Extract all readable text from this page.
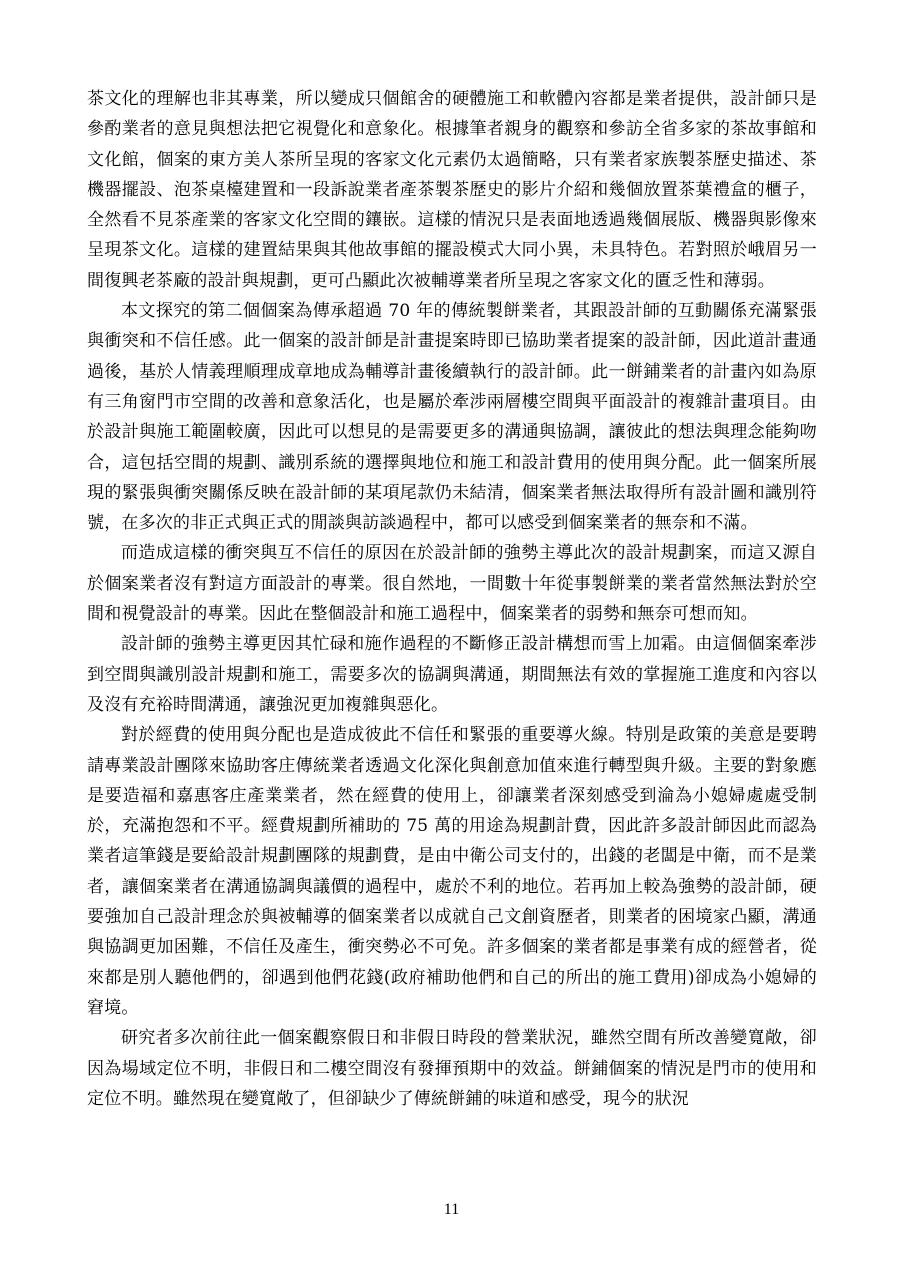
茶文化的理解也非其專業，所以變成只個館舍的硬體施工和軟體內容都是業者提供，設計師只是參酌業者的意見與想法把它視覺化和意象化。根據筆者親身的觀察和參訪全省多家的茶故事館和文化館，個案的東方美人茶所呈現的客家文化元素仍太過簡略，只有業者家族製茶歷史描述、茶機器擺設、泡茶桌檯建置和一段訴說業者產茶製茶歷史的影片介紹和幾個放置茶葉禮盒的櫃子，全然看不見茶產業的客家文化空間的鑲嵌。這樣的情況只是表面地透過幾個展版、機器與影像來呈現茶文化。這樣的建置結果與其他故事館的擺設模式大同小異，未具特色。若對照於峨眉另一間復興老茶廠的設計與規劃，更可凸顯此次被輔導業者所呈現之客家文化的匱乏性和薄弱。

本文探究的第二個個案為傳承超過 70 年的傳統製餅業者，其跟設計師的互動關係充滿緊張與衝突和不信任感。此一個案的設計師是計畫提案時即已協助業者提案的設計師，因此道計畫通過後，基於人情義理順理成章地成為輔導計畫後續執行的設計師。此一餅鋪業者的計畫內如為原有三角窗門市空間的改善和意象活化，也是屬於牽涉兩層樓空間與平面設計的複雜計畫項目。由於設計與施工範圍較廣，因此可以想見的是需要更多的溝通與協調，讓彼此的想法與理念能夠吻合，這包括空間的規劃、識別系統的選擇與地位和施工和設計費用的使用與分配。此一個案所展現的緊張與衝突關係反映在設計師的某項尾款仍未結清，個案業者無法取得所有設計圖和識別符號，在多次的非正式與正式的閒談與訪談過程中，都可以感受到個案業者的無奈和不滿。

而造成這樣的衝突與互不信任的原因在於設計師的強勢主導此次的設計規劃案，而這又源自於個案業者沒有對這方面設計的專業。很自然地，一間數十年從事製餅業的業者當然無法對於空間和視覺設計的專業。因此在整個設計和施工過程中，個案業者的弱勢和無奈可想而知。

設計師的強勢主導更因其忙碌和施作過程的不斷修正設計構想而雪上加霜。由這個個案牽涉到空間與識別設計規劃和施工，需要多次的協調與溝通，期間無法有效的掌握施工進度和內容以及沒有充裕時間溝通，讓強況更加複雜與惡化。

對於經費的使用與分配也是造成彼此不信任和緊張的重要導火線。特別是政策的美意是要聘請專業設計團隊來協助客庄傳統業者透過文化深化與創意加值來進行轉型與升級。主要的對象應是要造福和嘉惠客庄產業業者，然在經費的使用上，卻讓業者深刻感受到淪為小媳婦處處受制於，充滿抱怨和不平。經費規劃所補助的 75 萬的用途為規劃計費，因此許多設計師因此而認為業者這筆錢是要給設計規劃團隊的規劃費，是由中衛公司支付的，出錢的老闆是中衛，而不是業者，讓個案業者在溝通協調與議價的過程中，處於不利的地位。若再加上較為強勢的設計師，硬要強加自己設計理念於與被輔導的個案業者以成就自己文創資歷者，則業者的困境家凸顯，溝通與協調更加困難，不信任及產生，衝突勢必不可免。許多個案的業者都是事業有成的經營者，從來都是別人聽他們的，卻遇到他們花錢(政府補助他們和自己的所出的施工費用)卻成為小媳婦的窘境。

研究者多次前往此一個案觀察假日和非假日時段的營業狀況，雖然空間有所改善變寬敞，卻因為場域定位不明，非假日和二樓空間沒有發揮預期中的效益。餅鋪個案的情況是門市的使用和定位不明。雖然現在變寬敞了，但卻缺少了傳統餅鋪的味道和感受，現今的狀況

11
